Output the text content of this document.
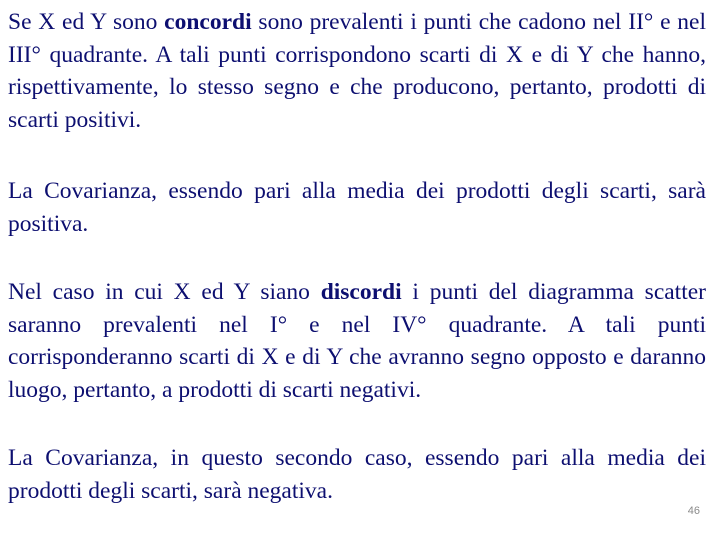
Se X ed Y sono concordi sono prevalenti i punti che cadono nel II° e nel III° quadrante. A tali punti corrispondono scarti di X e di Y che hanno, rispettivamente, lo stesso segno e che producono, pertanto, prodotti di scarti positivi.

La Covarianza, essendo pari alla media dei prodotti degli scarti, sarà positiva.

Nel caso in cui X ed Y siano discordi i punti del diagramma scatter saranno prevalenti nel I° e nel IV° quadrante. A tali punti corrisponderanno scarti di X e di Y che avranno segno opposto e daranno luogo, pertanto, a prodotti di scarti negativi.

La Covarianza, in questo secondo caso, essendo pari alla media dei prodotti degli scarti, sarà negativa.

46
